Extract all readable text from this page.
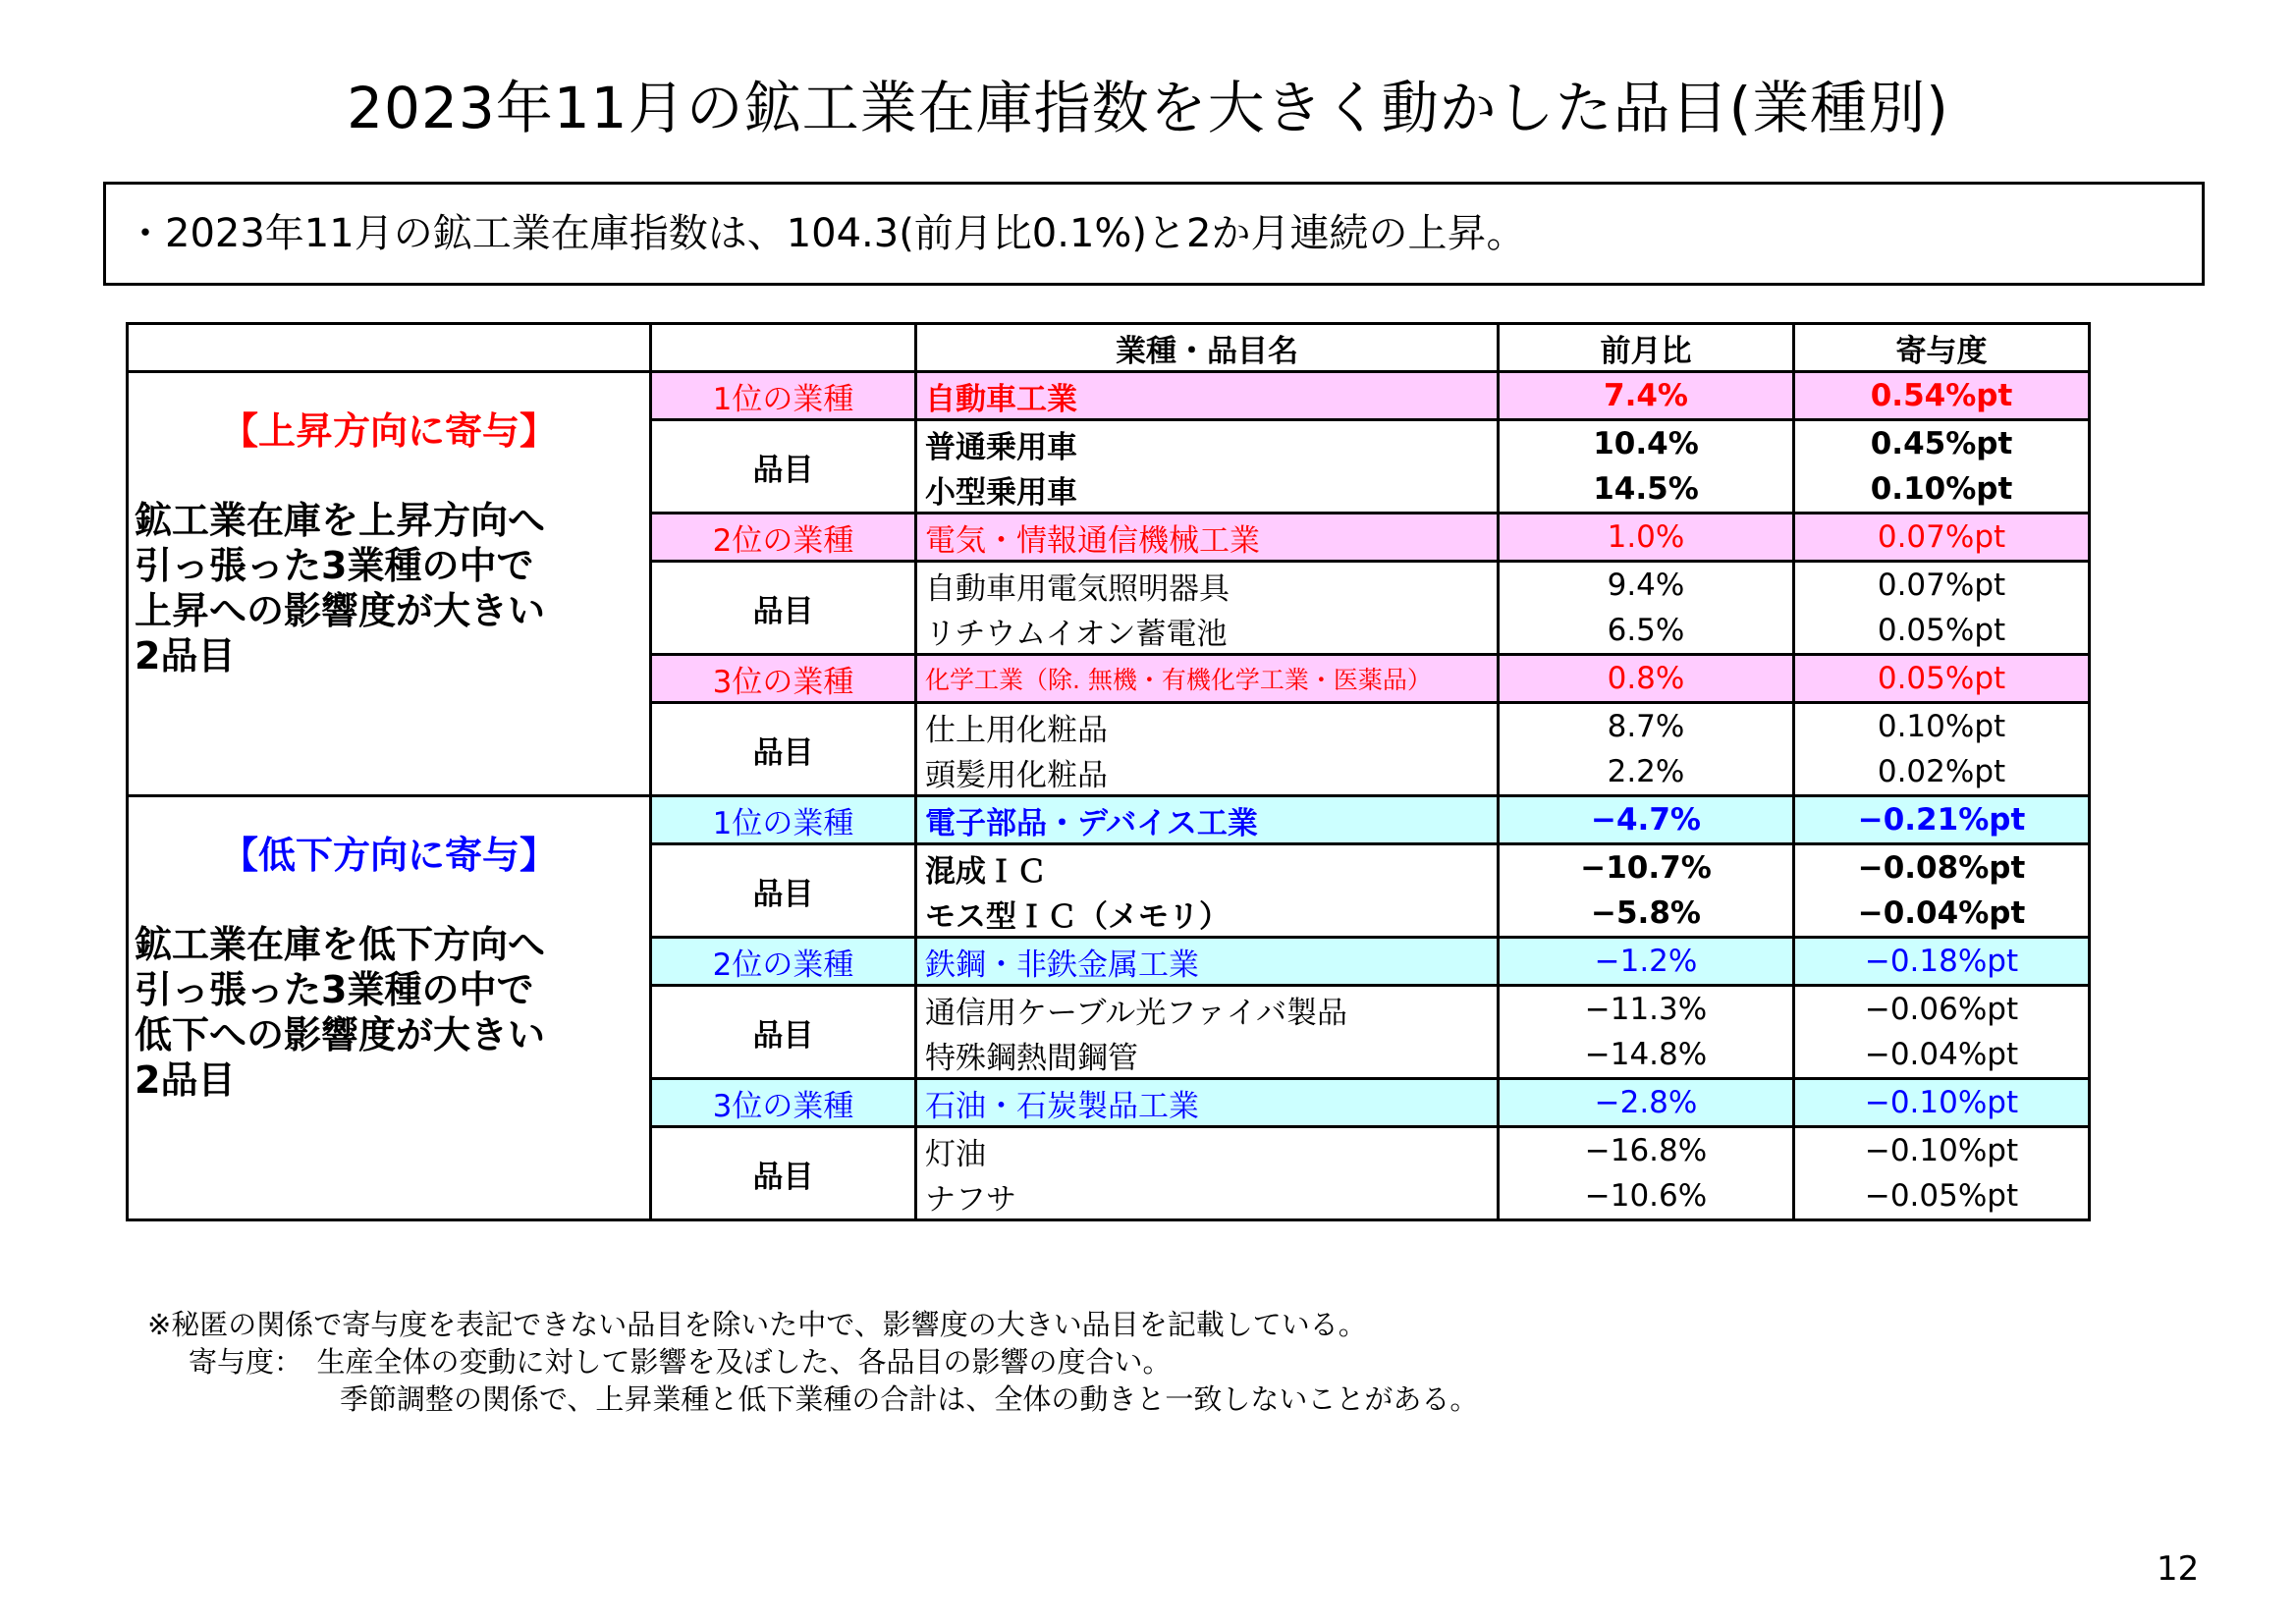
2023年11月の鉱工業在庫指数を大きく動かした品目(業種別)
・2023年11月の鉱工業在庫指数は、104.3(前月比0.1%)と2か月連続の上昇。
		業種・品目名	前月比	寄与度

【上昇方向に寄与】
鉱工業在庫を上昇方向へ
引っ張った3業種の中で
上昇への影響度が大きい
2品目	1位の業種	自動車工業	7.4%	0.54%pt
	品目	普通乗用車	10.4%	0.45%pt
		小型乗用車	14.5%	0.10%pt
	2位の業種	電気・情報通信機械工業	1.0%	0.07%pt
	品目	自動車用電気照明器具	9.4%	0.07%pt
		リチウムイオン蓄電池	6.5%	0.05%pt
	3位の業種	化学工業（除. 無機・有機化学工業・医薬品）	0.8%	0.05%pt
	品目	仕上用化粧品	8.7%	0.10%pt
		頭髪用化粧品	2.2%	0.02%pt

【低下方向に寄与】
鉱工業在庫を低下方向へ
引っ張った3業種の中で
低下への影響度が大きい
2品目	1位の業種	電子部品・デバイス工業	−4.7%	−0.21%pt
	品目	混成ＩＣ	−10.7%	−0.08%pt
		モス型ＩＣ（メモリ）	−5.8%	−0.04%pt
	2位の業種	鉄鋼・非鉄金属工業	−1.2%	−0.18%pt
	品目	通信用ケーブル光ファイバ製品	−11.3%	−0.06%pt
		特殊鋼熱間鋼管	−14.8%	−0.04%pt
	3位の業種	石油・石炭製品工業	−2.8%	−0.10%pt
	品目	灯油	−16.8%	−0.10%pt
		ナフサ	−10.6%	−0.05%pt
※秘匿の関係で寄与度を表記できない品目を除いた中で、影響度の大きい品目を記載している。
寄与度：　生産全体の変動に対して影響を及ぼした、各品目の影響の度合い。
季節調整の関係で、上昇業種と低下業種の合計は、全体の動きと一致しないことがある。
12
